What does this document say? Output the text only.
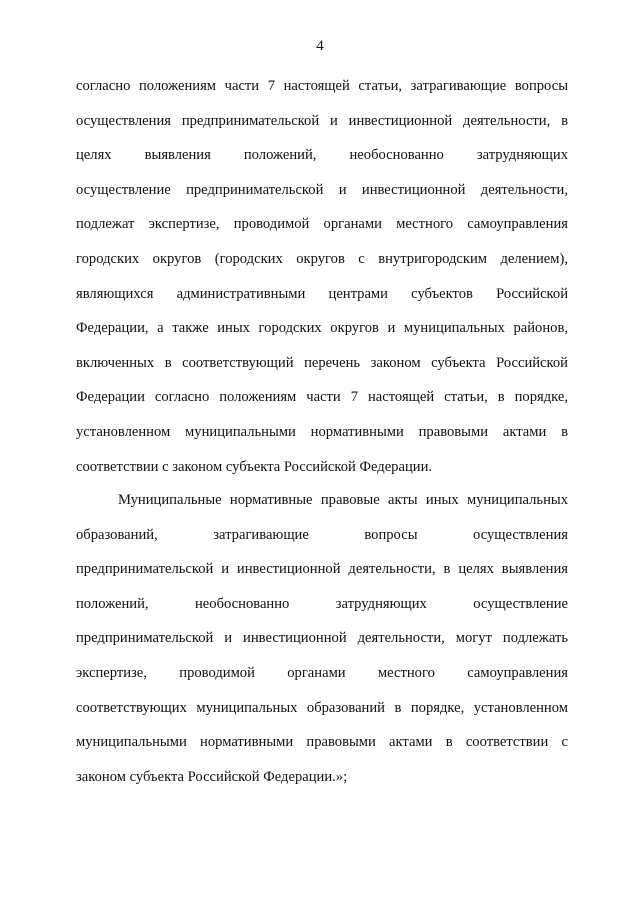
4
согласно положениям части 7 настоящей статьи, затрагивающие вопросы
осуществления предпринимательской и инвестиционной деятельности, в
целях выявления положений, необоснованно затрудняющих
осуществление предпринимательской и инвестиционной деятельности,
подлежат экспертизе, проводимой органами местного самоуправления
городских округов (городских округов с внутригородским делением),
являющихся административными центрами субъектов Российской
Федерации, а также иных городских округов и муниципальных районов,
включенных в соответствующий перечень законом субъекта Российской
Федерации согласно положениям части 7 настоящей статьи, в порядке,
установленном муниципальными нормативными правовыми актами в
соответствии с законом субъекта Российской Федерации.
Муниципальные нормативные правовые акты иных муниципальных
образований, затрагивающие вопросы осуществления
предпринимательской и инвестиционной деятельности, в целях выявления
положений, необоснованно затрудняющих осуществление
предпринимательской и инвестиционной деятельности, могут подлежать
экспертизе, проводимой органами местного самоуправления
соответствующих муниципальных образований в порядке, установленном
муниципальными нормативными правовыми актами в соответствии с
законом субъекта Российской Федерации.»;
